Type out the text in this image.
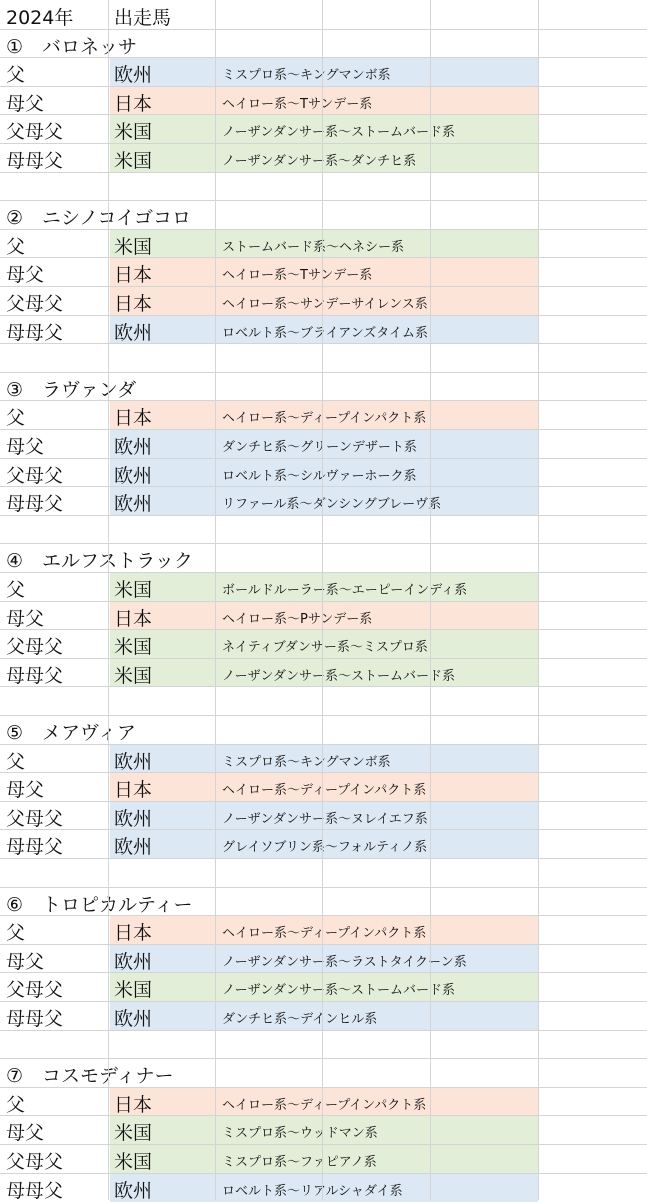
2024年 出走馬
①　バロネッサ
父	欧州	ミスプロ系～キングマンボ系
母父	日本	ヘイロー系～Tサンデー系
父母父	米国	ノーザンダンサー系～ストームバード系
母母父	米国	ノーザンダンサー系～ダンチヒ系
②　ニシノコイゴコロ
父	米国	ストームバード系～ヘネシー系
母父	日本	ヘイロー系～Tサンデー系
父母父	日本	ヘイロー系～サンデーサイレンス系
母母父	欧州	ロベルト系～ブライアンズタイム系
③　ラヴァンダ
父	日本	ヘイロー系～ディープインパクト系
母父	欧州	ダンチヒ系～グリーンデザート系
父母父	欧州	ロベルト系～シルヴァーホーク系
母母父	欧州	リファール系～ダンシングブレーヴ系
④　エルフストラック
父	米国	ボールドルーラー系～エーピーインディ系
母父	日本	ヘイロー系～Pサンデー系
父母父	米国	ネイティブダンサー系～ミスプロ系
母母父	米国	ノーザンダンサー系～ストームバード系
⑤　メアヴィア
父	欧州	ミスプロ系～キングマンボ系
母父	日本	ヘイロー系～ディープインパクト系
父母父	欧州	ノーザンダンサー系～ヌレイエフ系
母母父	欧州	グレイソブリン系～フォルティノ系
⑥　トロピカルティー
父	日本	ヘイロー系～ディープインパクト系
母父	欧州	ノーザンダンサー系～ラストタイクーン系
父母父	米国	ノーザンダンサー系～ストームバード系
母母父	欧州	ダンチヒ系～デインヒル系
⑦　コスモディナー
父	日本	ヘイロー系～ディープインパクト系
母父	米国	ミスプロ系～ウッドマン系
父母父	米国	ミスプロ系～ファピアノ系
母母父	欧州	ロベルト系～リアルシャダイ系
